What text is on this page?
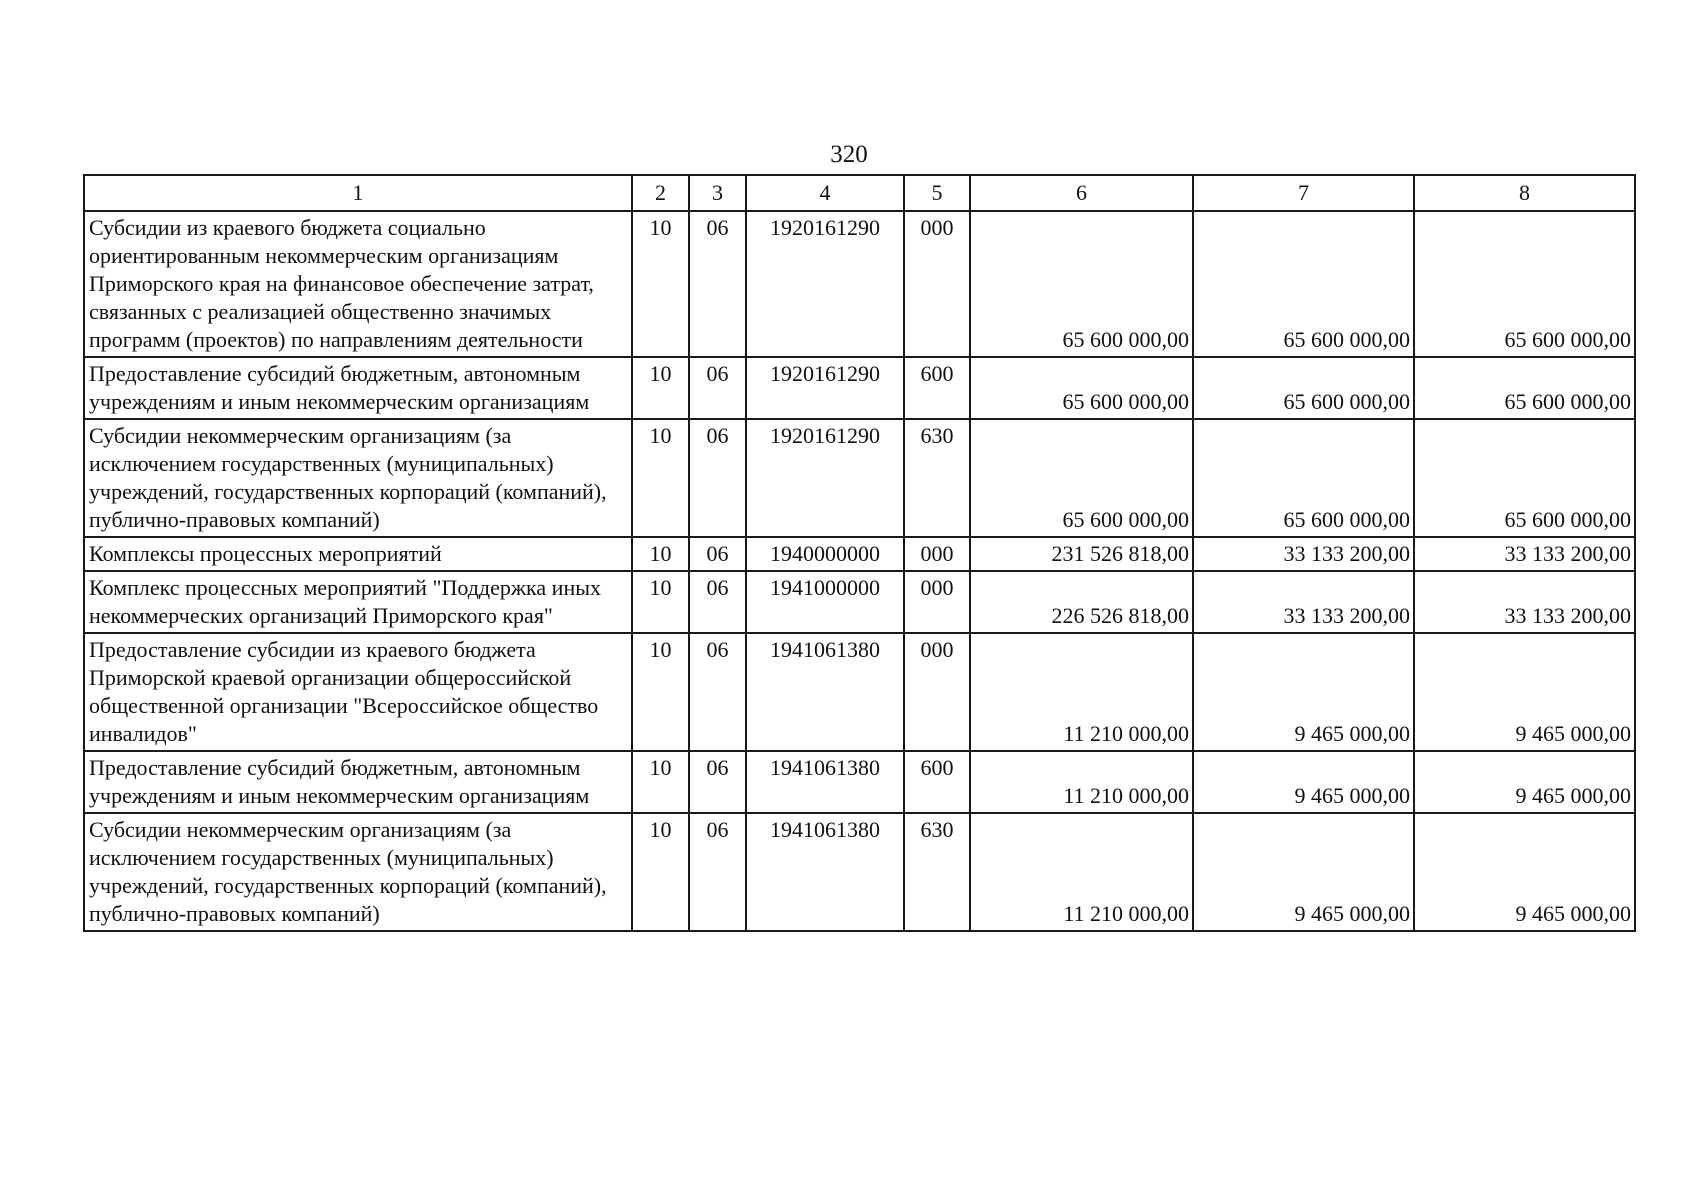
320
1	2	3	4	5	6	7	8
Субсидии из краевого бюджета социально ориентированным некоммерческим организациям Приморского края на финансовое обеспечение затрат, связанных с реализацией общественно значимых программ (проектов) по направлениям деятельности	10	06	1920161290	000	65 600 000,00	65 600 000,00	65 600 000,00
Предоставление субсидий бюджетным, автономным учреждениям и иным некоммерческим организациям	10	06	1920161290	600	65 600 000,00	65 600 000,00	65 600 000,00
Субсидии некоммерческим организациям (за исключением государственных (муниципальных) учреждений, государственных корпораций (компаний), публично-правовых компаний)	10	06	1920161290	630	65 600 000,00	65 600 000,00	65 600 000,00
Комплексы процессных мероприятий	10	06	1940000000	000	231 526 818,00	33 133 200,00	33 133 200,00
Комплекс процессных мероприятий "Поддержка иных некоммерческих организаций Приморского края"	10	06	1941000000	000	226 526 818,00	33 133 200,00	33 133 200,00
Предоставление субсидии из краевого бюджета Приморской краевой организации общероссийской общественной организации "Всероссийское общество инвалидов"	10	06	1941061380	000	11 210 000,00	9 465 000,00	9 465 000,00
Предоставление субсидий бюджетным, автономным учреждениям и иным некоммерческим организациям	10	06	1941061380	600	11 210 000,00	9 465 000,00	9 465 000,00
Субсидии некоммерческим организациям (за исключением государственных (муниципальных) учреждений, государственных корпораций (компаний), публично-правовых компаний)	10	06	1941061380	630	11 210 000,00	9 465 000,00	9 465 000,00
